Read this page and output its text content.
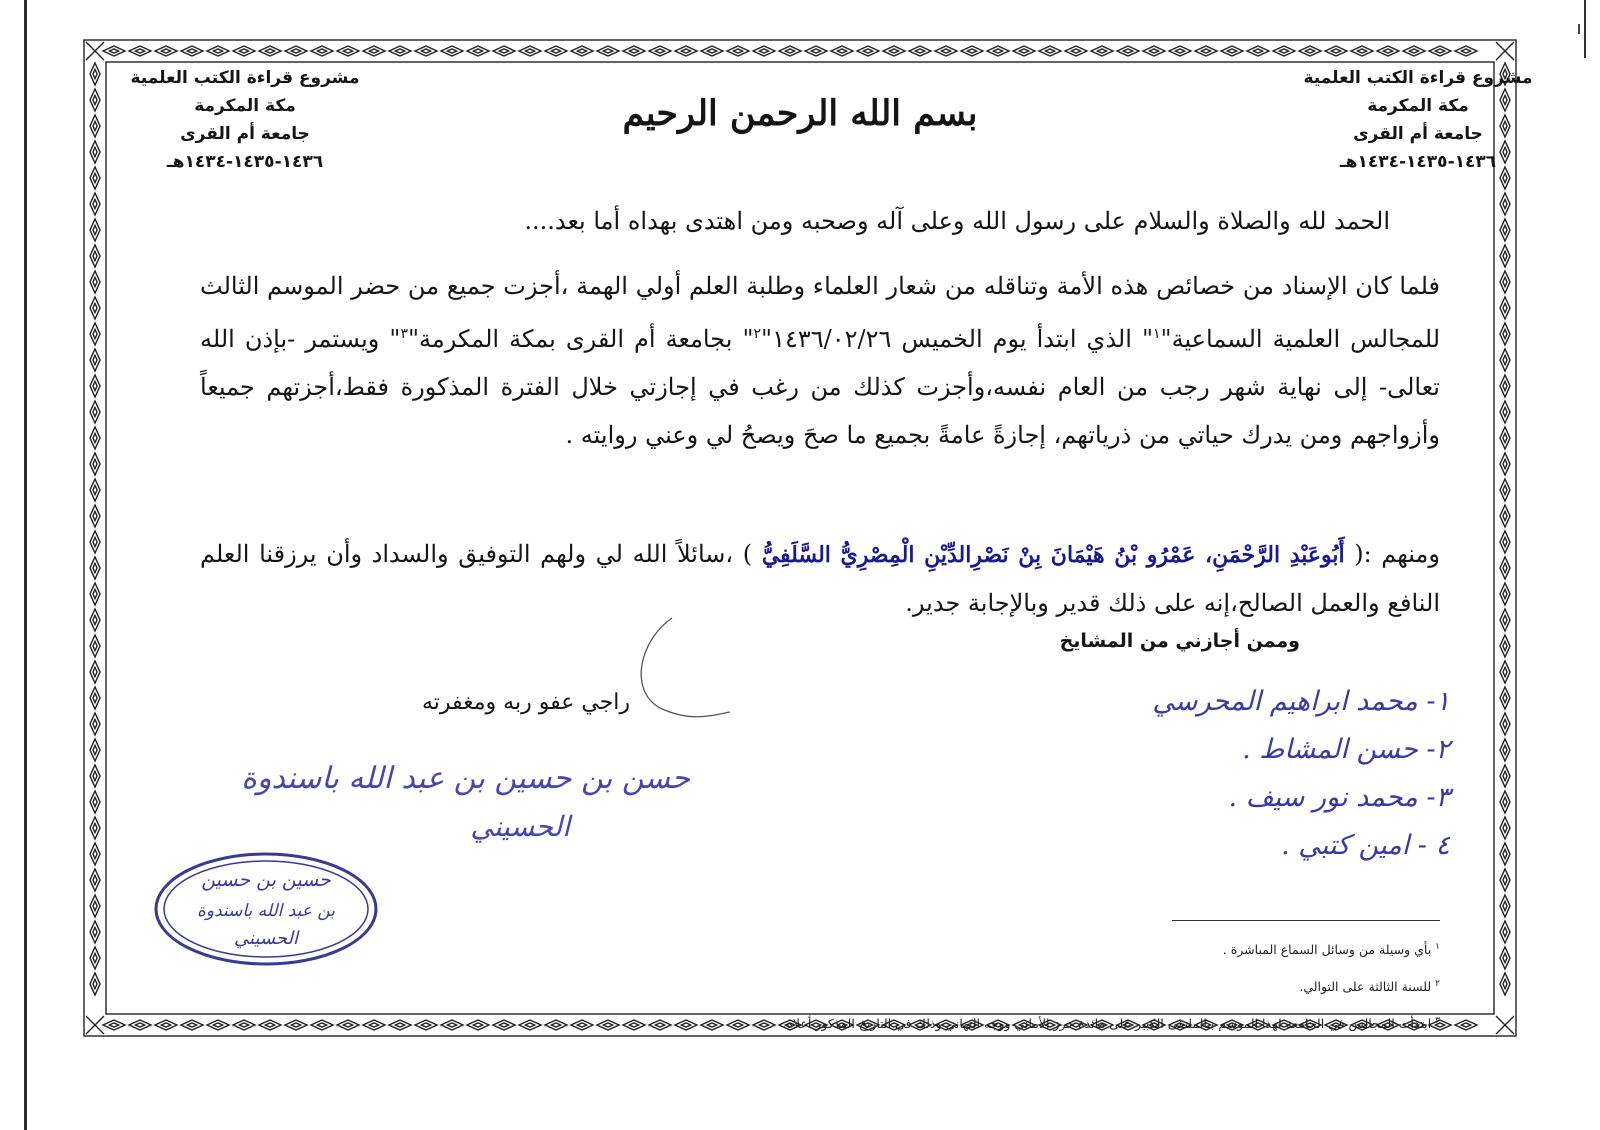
مشروع قراءة الكتب العلمية
مكة المكرمة
جامعة أم القرى
١٤٣٦-١٤٣٥-١٤٣٤هـ
مشروع قراءة الكتب العلمية
مكة المكرمة
جامعة أم القرى
١٤٣٦-١٤٣٥-١٤٣٤هـ
بسم الله الرحمن الرحيم
الحمد لله والصلاة والسلام على رسول الله وعلى آله وصحبه ومن اهتدى بهداه أما بعد....
فلما كان الإسناد من خصائص هذه الأمة وتناقله من شعار العلماء وطلبة العلم أولي الهمة ،أجزت جميع من حضر الموسم الثالث للمجالس العلمية السماعية"$^١$" الذي ابتدأ يوم الخميس ١٤٣٦/٠٢/٢٦"$^٢$" بجامعة أم القرى بمكة المكرمة"$^٣$" ويستمر -بإذن الله تعالى- إلى نهاية شهر رجب من العام نفسه،وأجزت كذلك من رغب في إجازتي خلال الفترة المذكورة فقط،أجزتهم جميعاً وأزواجهم ومن يدرك حياتي من ذرياتهم، إجازةً عامةً بجميع ما صحَ ويصحُ لي وعني روايته .
ومنهم :( أَبُوعَبْدِ الرَّحْمَنِ، عَمْرُو بْنُ هَيْمَانَ بِنْ نَصْرِالدِّيْنِ الْمِصْرِيُّ السَّلَفِيُّ ) ،سائلاً الله لي ولهم التوفيق والسداد وأن يرزقنا العلم النافع والعمل الصالح،إنه على ذلك قدير وبالإجابة جدير.
وممن أجازني من المشايخ
راجي عفو ربه ومغفرته	١- محمد ابراهيم المحرسي
٢- حسن المشاط .
٣- محمد نور سيف .
٤ - امين كتبي .
حسن بن حسين بن عبد الله باسندوة
الحسيني
حسين بن حسين
بن عبد الله باسندوة
الحسيني	$^١$ بأي وسيلة من وسائل السماع المباشرة .
$^٢$ للسنة الثالثة على التوالي.
$^٣$ ابتدأت المجالس في الجامعة لهذا الموسم بـالملتقى الكبير على مائدة حرز الأماني ووجه التهاني وذلك في التاريخ المذكور أعلاه.
